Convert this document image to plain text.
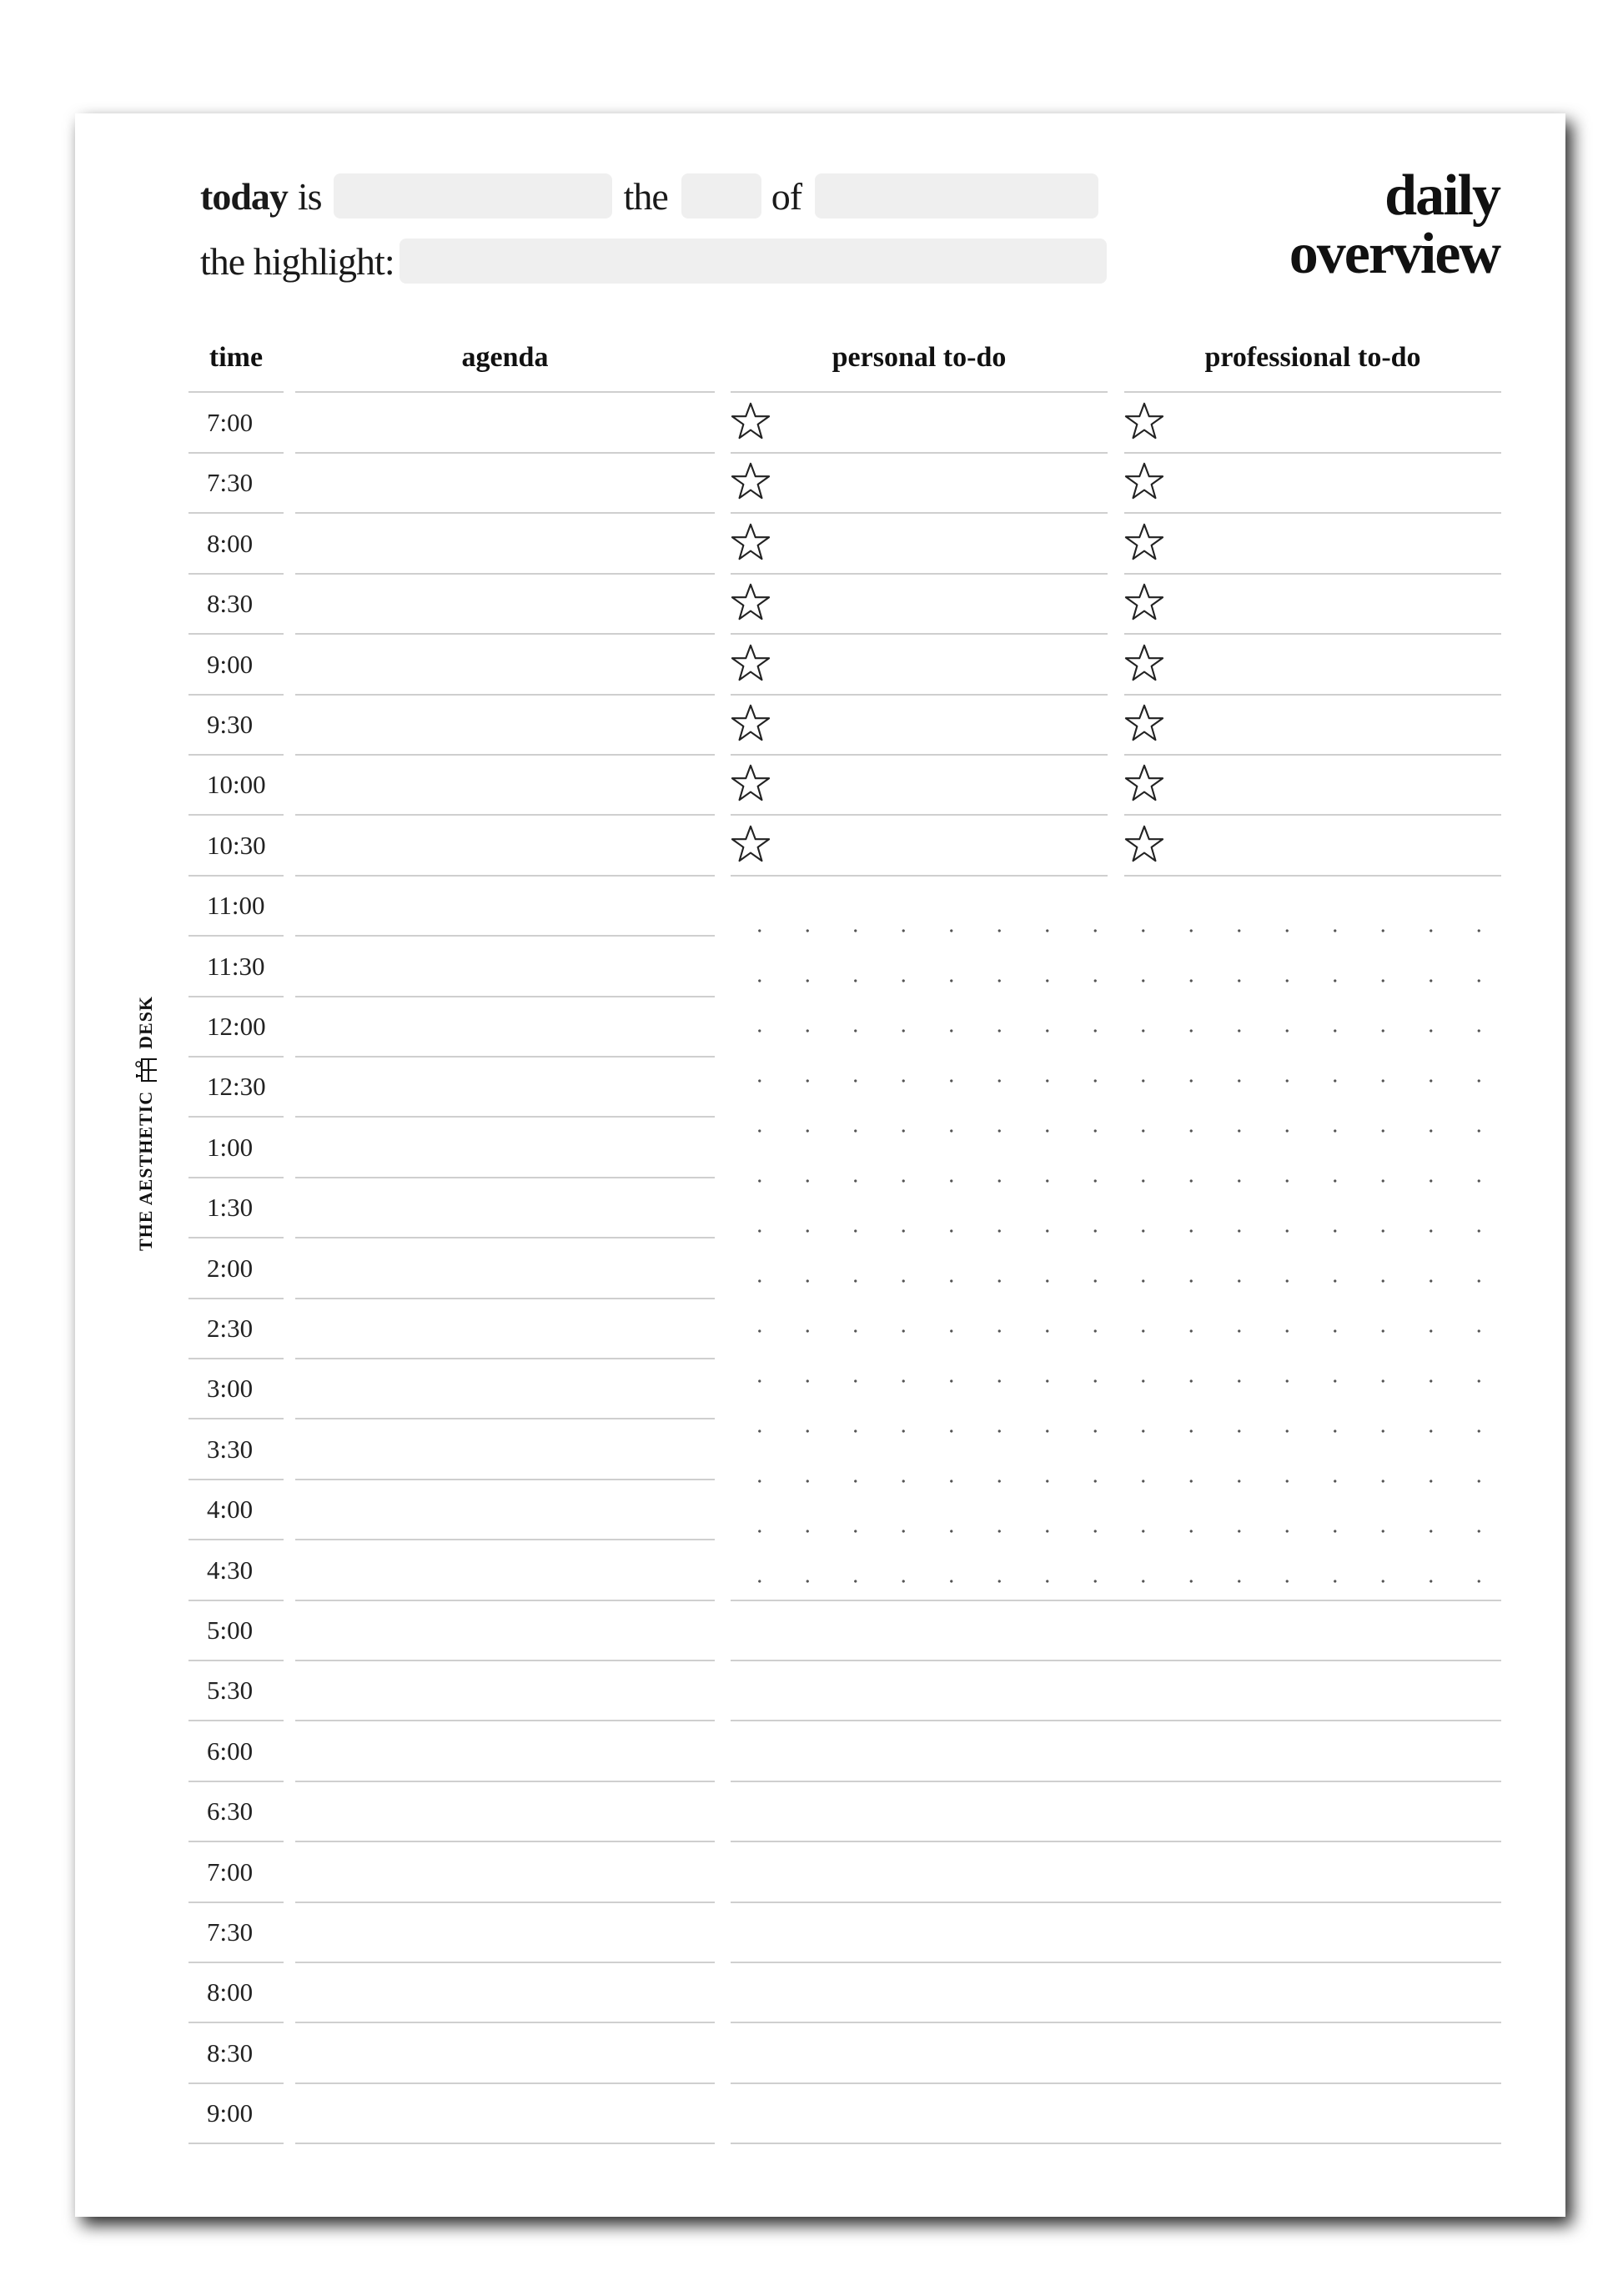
today is	the	of
the highlight:
daily
overview
time	agenda	personal to-do	professional to-do
7:00
7:30
8:00
8:30
9:00
9:30
10:00
10:30
11:00
11:30
12:00
12:30
1:00
1:30
2:00
2:30
3:00
3:30
4:00
4:30
5:00
5:30
6:00
6:30
7:00
7:30
8:00
8:30
9:00
THE AESTHETIC
DESK
